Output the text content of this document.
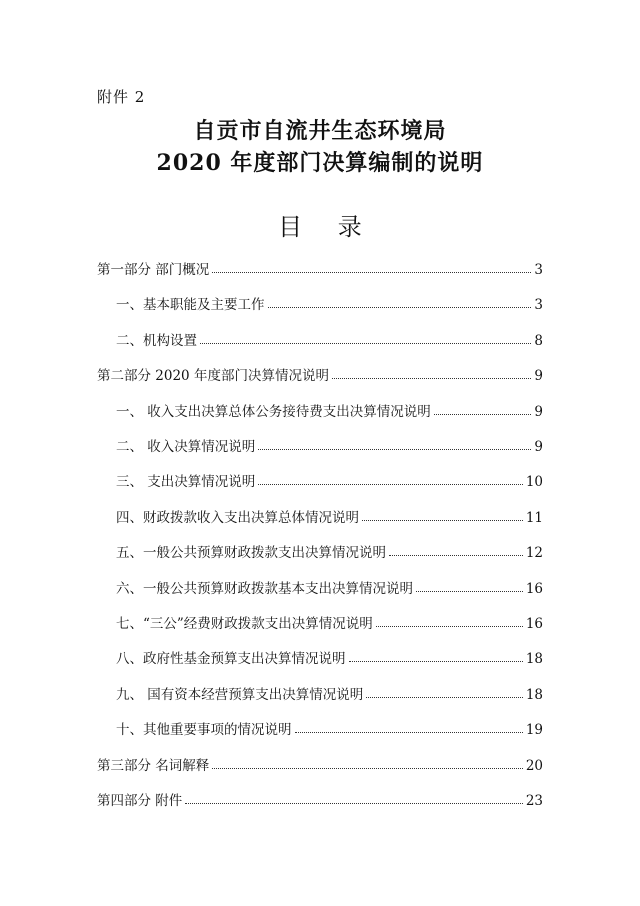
附件 2
自贡市自流井生态环境局
2020 年度部门决算编制的说明
目 录
第一部分 部门概况	3
一、基本职能及主要工作	3
二、机构设置	8
第二部分 2020 年度部门决算情况说明	9
一、 收入支出决算总体公务接待费支出决算情况说明	9
二、 收入决算情况说明	9
三、 支出决算情况说明	10
四、财政拨款收入支出决算总体情况说明	11
五、一般公共预算财政拨款支出决算情况说明	12
六、一般公共预算财政拨款基本支出决算情况说明	16
七、“三公”经费财政拨款支出决算情况说明	16
八、政府性基金预算支出决算情况说明	18
九、 国有资本经营预算支出决算情况说明	18
十、其他重要事项的情况说明	19
第三部分 名词解释	20
第四部分 附件	23
